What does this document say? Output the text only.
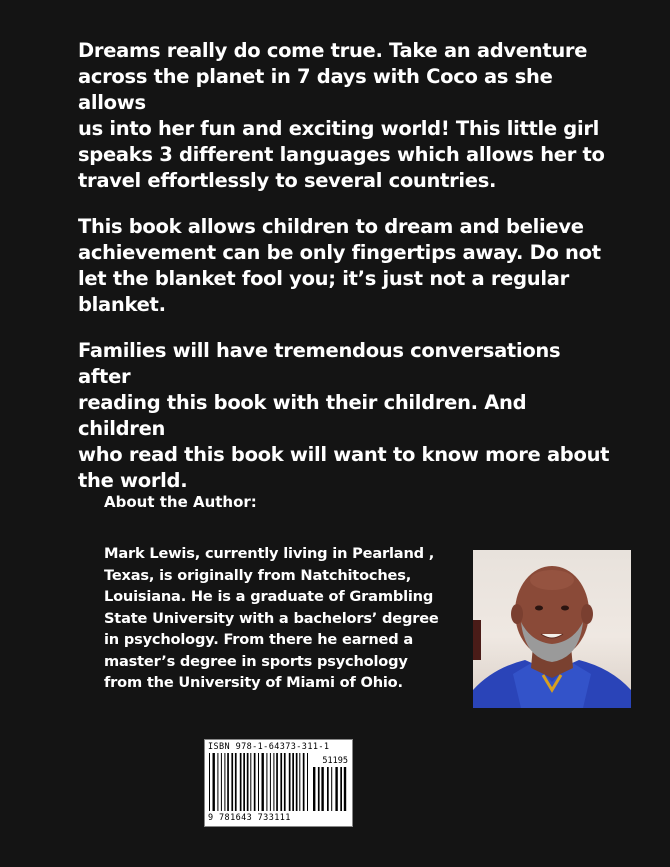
Dreams really do come true. Take an adventure
across the planet in 7 days with Coco as she allows
us into her fun and exciting world! This little girl
speaks 3 different languages which allows her to
travel effortlessly to several countries.

This book allows children to dream and believe
achievement can be only fingertips away. Do not
let the blanket fool you; it’s just not a regular
blanket.

Families will have tremendous conversations after
reading this book with their children. And children
who read this book will want to know more about
the world.

About the Author:
Mark Lewis, currently living in Pearland ,
Texas, is originally from Natchitoches,
Louisiana. He is a graduate of Grambling
State University with a bachelors’ degree
in psychology. From there he earned a
master’s degree in sports psychology
from the University of Miami of Ohio.
ISBN 978-1-64373-311-1
51195
9 781643 733111
